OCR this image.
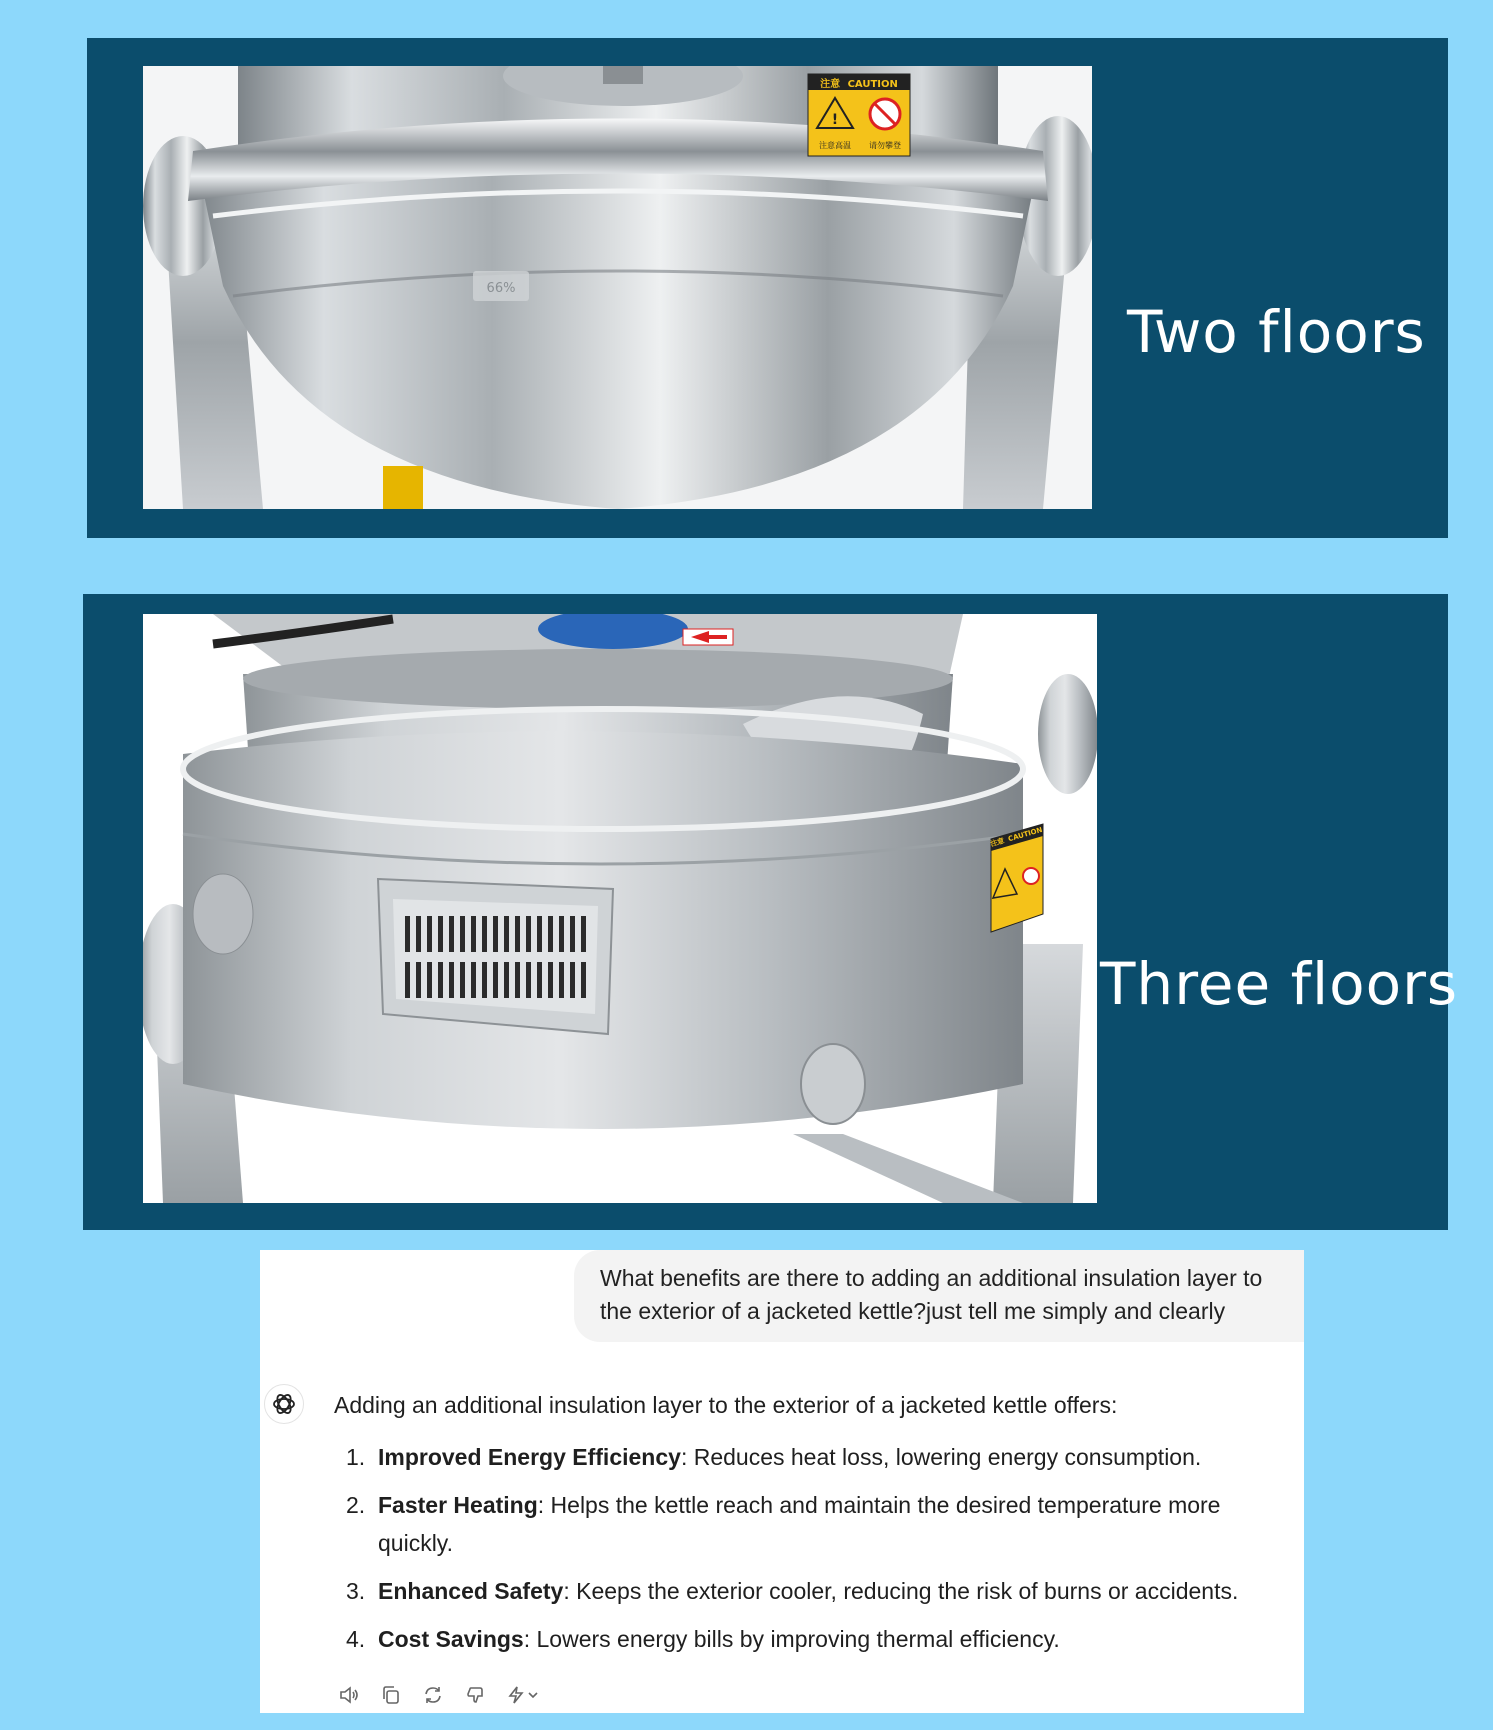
66%
注意 CAUTION
!
注意高温 请勿攀登
Two floors
注意 CAUTION
Three floors
What benefits are there to adding an additional insulation layer to the exterior of a jacketed kettle?just tell me simply and clearly
Adding an additional insulation layer to the exterior of a jacketed kettle offers:
1. Improved Energy Efficiency: Reduces heat loss, lowering energy consumption.
2. Faster Heating: Helps the kettle reach and maintain the desired temperature more quickly.
3. Enhanced Safety: Keeps the exterior cooler, reducing the risk of burns or accidents.
4. Cost Savings: Lowers energy bills by improving thermal efficiency.
